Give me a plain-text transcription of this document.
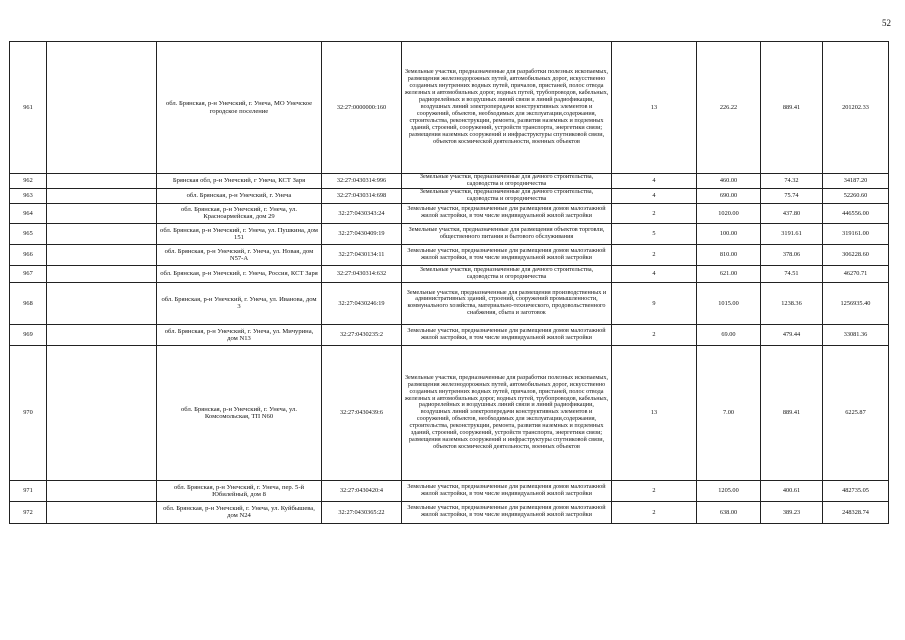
52
961		обл. Брянская, р-н Унечский, г. Унеча, МО Унечское городское поселение	32:27:0000000:160	Земельные участки, предназначенные для разработки полезных ископаемых, размещения железнодорожных путей, автомобильных дорог, искусственно созданных внутренних водных путей, причалов, пристаней, полос отвода железных и автомобильных дорог, водных путей, трубопроводов, кабельных, радиорелейных и воздушных линий связи и линий радиофикации, воздушных линий электропередачи конструктивных элементов и сооружений, объектов, необходимых для эксплуатации,содержания, строительства, реконструкции, ремонта, развития наземных и подземных зданий, строений, сооружений, устройств транспорта, энергетики связи; размещения наземных сооружений и инфраструктуры спутниковой связи, объектов космической деятельности, военных объектов	13	226.22	889.41	201202.33
962		Брянская обл, р-н Унечский, г Унеча, КСТ Заря	32:27:0430314:996	Земельные участки, предназначенные для дачного строительства, садоводства и огородничества	4	460.00	74.32	34187.20
963		обл. Брянская, р-н Унечский, г. Унеча	32:27:0430314:698	Земельные участки, предназначенные для дачного строительства, садоводства и огородничества	4	690.00	75.74	52260.60
964		обл. Брянская, р-н Унечский, г. Унеча, ул. Красноармейская, дом 29	32:27:0430343:24	Земельные участки, предназначенные для размещения домов малоэтажной жилой застройки, в том числе индивидуальной жилой застройки	2	1020.00	437.80	446556.00
965		обл. Брянская, р-н Унечский, г. Унеча, ул. Пушкина, дом 151	32:27:0430409:19	Земельные участки, предназначенные для размещения объектов торговли, общественного питания и бытового обслуживания	5	100.00	3191.61	319161.00
966		обл. Брянская, р-н Унечский, г. Унеча, ул. Новая, дом N57-А	32:27:0430134:11	Земельные участки, предназначенные для размещения домов малоэтажной жилой застройки, в том числе индивидуальной жилой застройки	2	810.00	378.06	306228.60
967		обл. Брянская, р-н Унечский, г. Унеча, Россия, КСТ Заря	32:27:0430314:632	Земельные участки, предназначенные для дачного строительства, садоводства и огородничества	4	621.00	74.51	46270.71
968		обл. Брянская, р-н Унечский, г. Унеча, ул. Иванова, дом 3	32:27:0430246:19	Земельные участки, предназначенные для размещения производственных и административных зданий, строений, сооружений промышленности, коммунального хозяйства, материально-технического, продовольственного снабжения, сбыта и заготовок	9	1015.00	1238.36	1256935.40
969		обл. Брянская, р-н Унечский, г. Унеча, ул. Мичурина, дом N13	32:27:0430235:2	Земельные участки, предназначенные для размещения домов малоэтажной жилой застройки, в том числе индивидуальной жилой застройки	2	69.00	479.44	33081.36
970		обл. Брянская, р-н Унечский, г. Унеча, ул. Комсомольская, ТП N60	32:27:0430439:6	Земельные участки, предназначенные для разработки полезных ископаемых, размещения железнодорожных путей, автомобильных дорог, искусственно созданных внутренних водных путей, причалов, пристаней, полос отвода железных и автомобильных дорог, водных путей, трубопроводов, кабельных, радиорелейных и воздушных линий связи и линий радиофикации, воздушных линий электропередачи конструктивных элементов и сооружений, объектов, необходимых для эксплуатации,содержания, строительства, реконструкции, ремонта, развития наземных и подземных зданий, строений, сооружений, устройств транспорта, энергетики связи; размещения наземных сооружений и инфраструктуры спутниковой связи, объектов космической деятельности, военных объектов	13	7.00	889.41	6225.87
971		обл. Брянская, р-н Унечский, г. Унеча, пер. 5-й Юбилейный, дом 8	32:27:0430420:4	Земельные участки, предназначенные для размещения домов малоэтажной жилой застройки, в том числе индивидуальной жилой застройки	2	1205.00	400.61	482735.05
972		обл. Брянская, р-н Унечский, г. Унеча, ул. Куйбышева, дом N24	32:27:0430365:22	Земельные участки, предназначенные для размещения домов малоэтажной жилой застройки, в том числе индивидуальной жилой застройки	2	638.00	389.23	248328.74
